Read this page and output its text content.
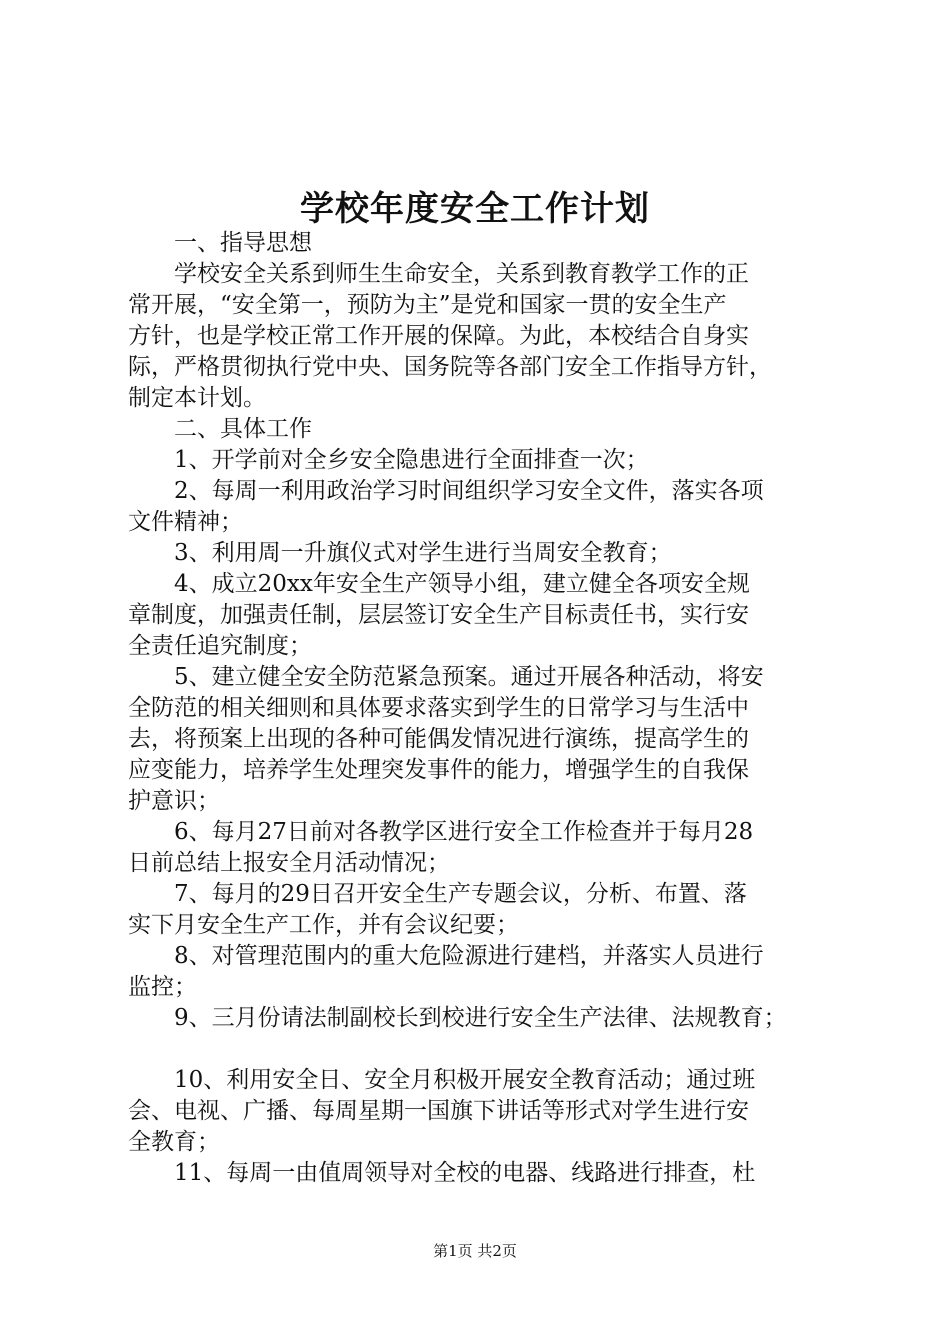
学校年度安全工作计划
　　一、指导思想
　　学校安全关系到师生生命安全，关系到教育教学工作的正
常开展，“安全第一，预防为主”是党和国家一贯的安全生产
方针，也是学校正常工作开展的保障。为此，本校结合自身实
际，严格贯彻执行党中央、国务院等各部门安全工作指导方针，
制定本计划。
　　二、具体工作
　　1、开学前对全乡安全隐患进行全面排查一次；
　　2、每周一利用政治学习时间组织学习安全文件，落实各项
文件精神；
　　3、利用周一升旗仪式对学生进行当周安全教育；
　　4、成立20xx年安全生产领导小组，建立健全各项安全规
章制度，加强责任制，层层签订安全生产目标责任书，实行安
全责任追究制度；
　　5、建立健全安全防范紧急预案。通过开展各种活动，将安
全防范的相关细则和具体要求落实到学生的日常学习与生活中
去，将预案上出现的各种可能偶发情况进行演练，提高学生的
应变能力，培养学生处理突发事件的能力，增强学生的自我保
护意识；
　　6、每月27日前对各教学区进行安全工作检查并于每月28
日前总结上报安全月活动情况；
　　7、每月的29日召开安全生产专题会议，分析、布置、落
实下月安全生产工作，并有会议纪要；
　　8、对管理范围内的重大危险源进行建档，并落实人员进行
监控；
　　9、三月份请法制副校长到校进行安全生产法律、法规教育；
　　10、利用安全日、安全月积极开展安全教育活动；通过班
会、电视、广播、每周星期一国旗下讲话等形式对学生进行安
全教育；
　　11、每周一由值周领导对全校的电器、线路进行排查，杜
第1页 共2页
